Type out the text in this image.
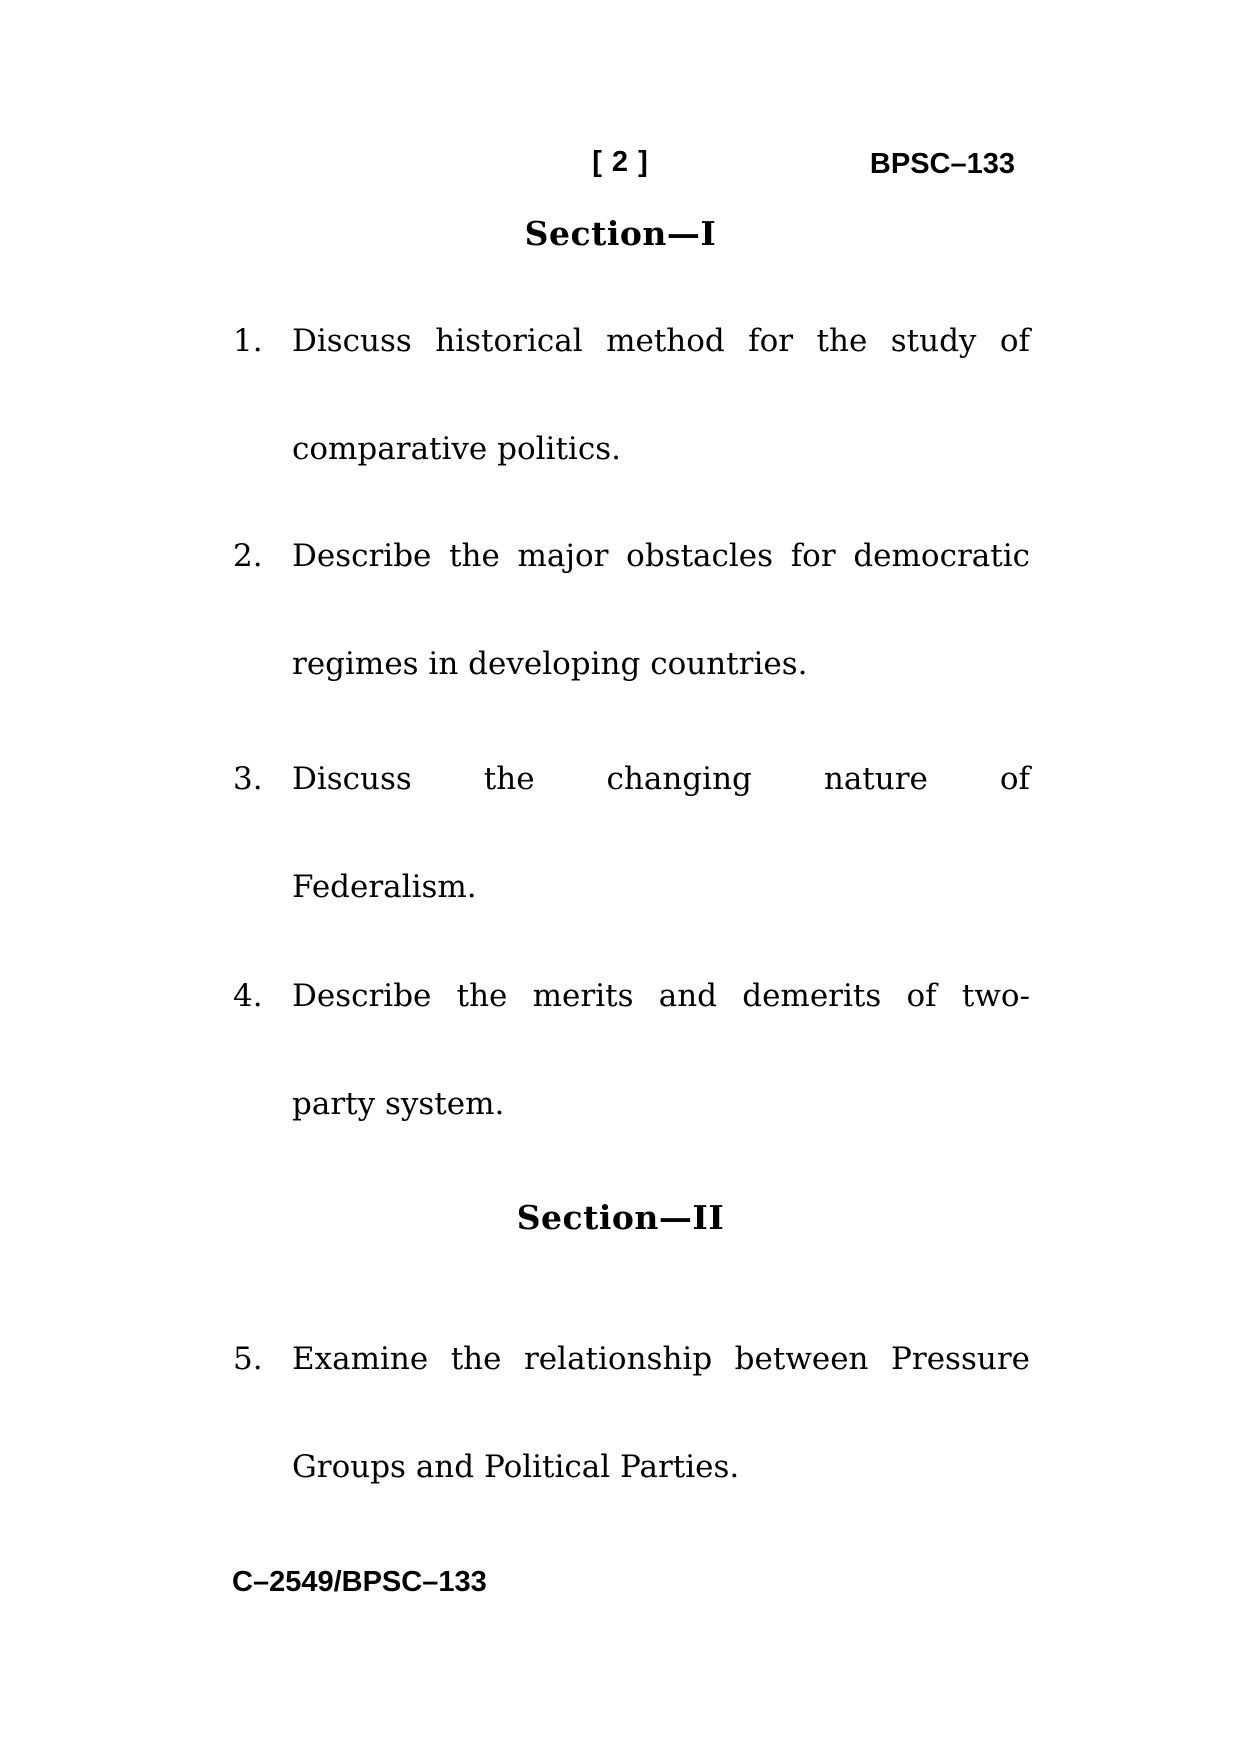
[ 2 ]	BPSC–133
Section—I
1. Discuss historical method for the study of
comparative politics.
2. Describe the major obstacles for democratic
regimes in developing countries.
3. Discuss the changing nature of
Federalism.
4. Describe the merits and demerits of two-
party system.
Section—II
5. Examine the relationship between Pressure
Groups and Political Parties.
C–2549/BPSC–133
